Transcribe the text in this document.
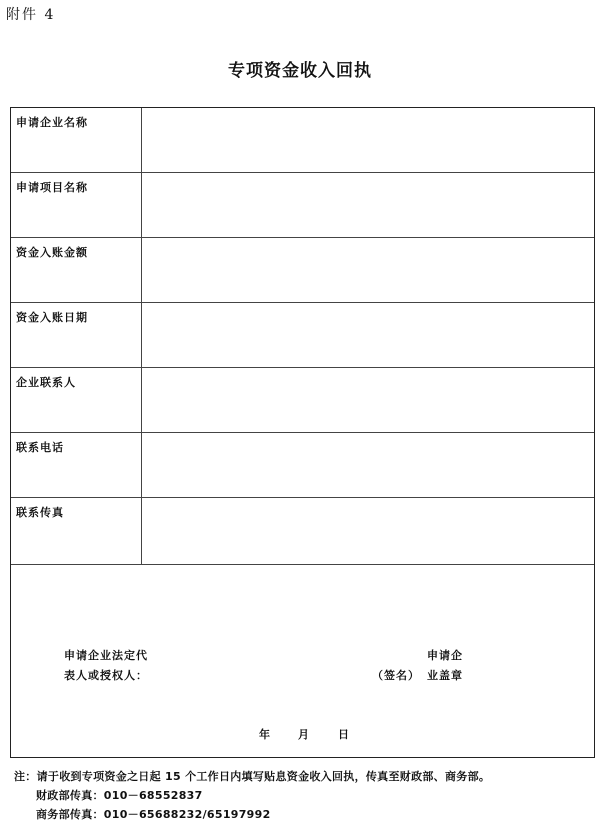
附件 4
专项资金收入回执
申请企业名称
申请项目名称
资金入账金额
资金入账日期
企业联系人
联系电话
联系传真
申请企业法定代
表人或授权人：	（签名）
申请企
业盖章
年	月	日
注：请于收到专项资金之日起 15 个工作日内填写贴息资金收入回执，传真至财政部、商务部。
财政部传真：010－68552837
商务部传真：010－65688232/65197992
